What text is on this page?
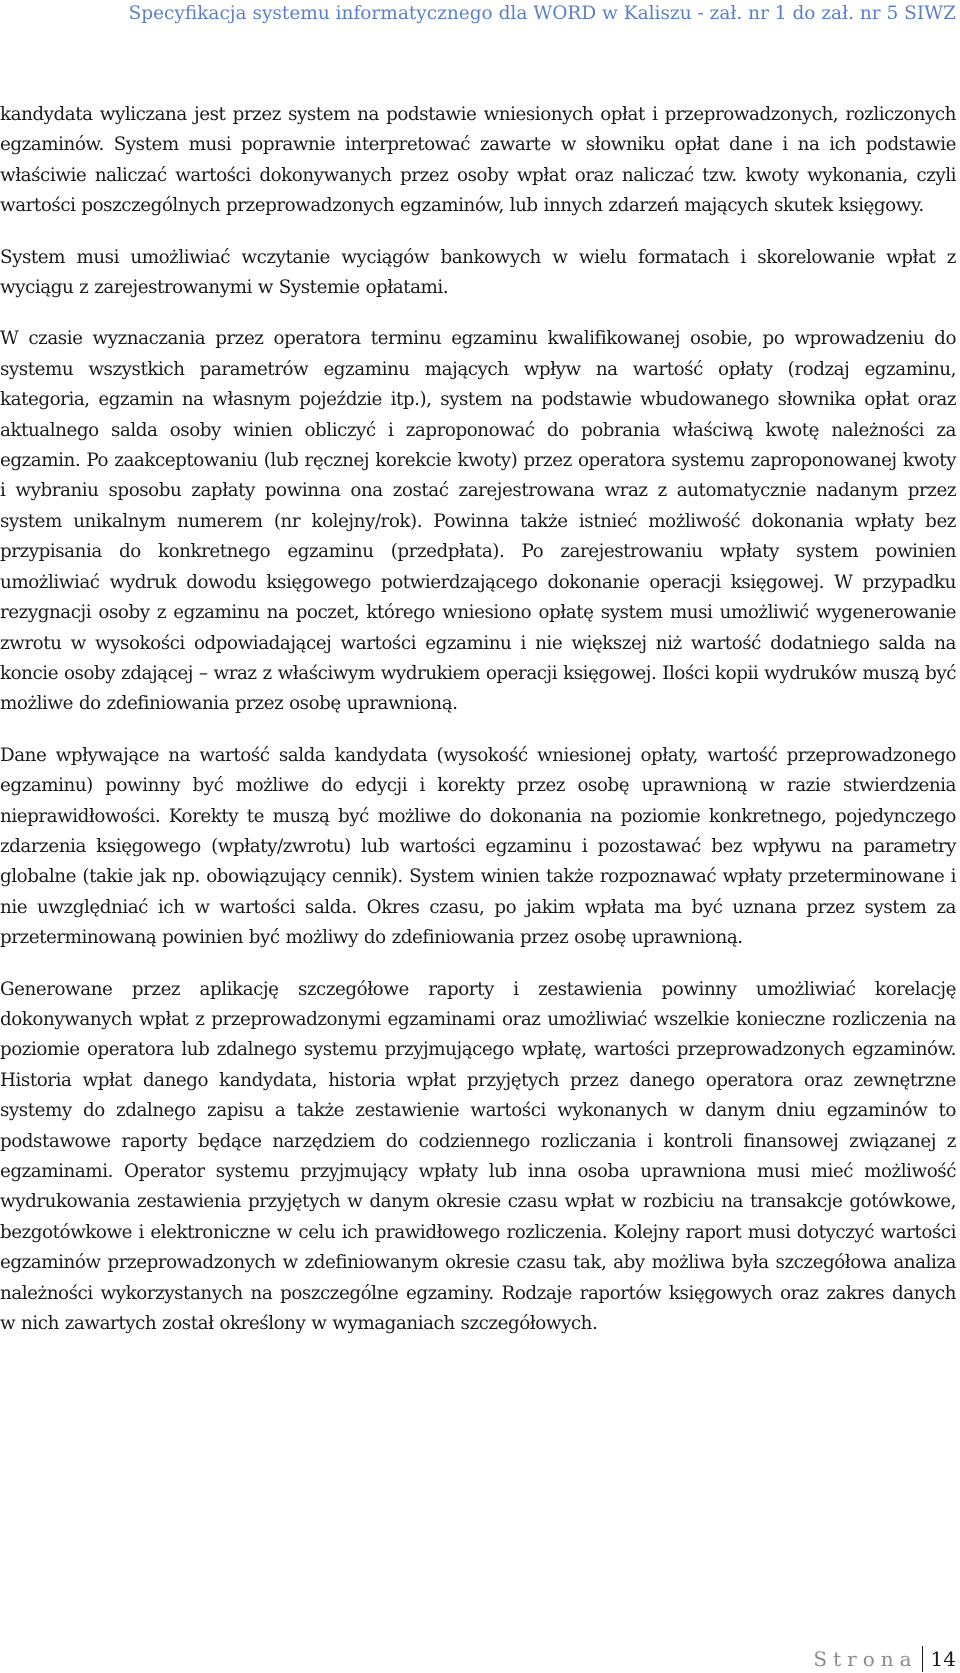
Specyfikacja systemu informatycznego dla WORD w Kaliszu - zał. nr 1 do zał. nr 5 SIWZ

kandydata wyliczana jest przez system na podstawie wniesionych opłat i przeprowadzonych, rozliczonych egzaminów. System musi poprawnie interpretować zawarte w słowniku opłat dane i na ich podstawie właściwie naliczać wartości dokonywanych przez osoby wpłat oraz naliczać tzw. kwoty wykonania, czyli wartości poszczególnych przeprowadzonych egzaminów, lub innych zdarzeń mających skutek księgowy.

System musi umożliwiać wczytanie wyciągów bankowych w wielu formatach i skorelowanie wpłat z wyciągu z zarejestrowanymi w Systemie opłatami.

W czasie wyznaczania przez operatora terminu egzaminu kwalifikowanej osobie, po wprowadzeniu do systemu wszystkich parametrów egzaminu mających wpływ na wartość opłaty (rodzaj egzaminu, kategoria, egzamin na własnym pojeździe itp.), system na podstawie wbudowanego słownika opłat oraz aktualnego salda osoby winien obliczyć i zaproponować do pobrania właściwą kwotę należności za egzamin. Po zaakceptowaniu (lub ręcznej korekcie kwoty) przez operatora systemu zaproponowanej kwoty i wybraniu sposobu zapłaty powinna ona zostać zarejestrowana wraz z automatycznie nadanym przez system unikalnym numerem (nr kolejny/rok). Powinna także istnieć możliwość dokonania wpłaty bez przypisania do konkretnego egzaminu (przedpłata). Po zarejestrowaniu wpłaty system powinien umożliwiać wydruk dowodu księgowego potwierdzającego dokonanie operacji księgowej. W przypadku rezygnacji osoby z egzaminu na poczet, którego wniesiono opłatę system musi umożliwić wygenerowanie zwrotu w wysokości odpowiadającej wartości egzaminu i nie większej niż wartość dodatniego salda na koncie osoby zdającej – wraz z właściwym wydrukiem operacji księgowej. Ilości kopii wydruków muszą być możliwe do zdefiniowania przez osobę uprawnioną.

Dane wpływające na wartość salda kandydata (wysokość wniesionej opłaty, wartość przeprowadzonego egzaminu) powinny być możliwe do edycji i korekty przez osobę uprawnioną w razie stwierdzenia nieprawidłowości. Korekty te muszą być możliwe do dokonania na poziomie konkretnego, pojedynczego zdarzenia księgowego (wpłaty/zwrotu) lub wartości egzaminu i pozostawać bez wpływu na parametry globalne (takie jak np. obowiązujący cennik). System winien także rozpoznawać wpłaty przeterminowane i nie uwzględniać ich w wartości salda. Okres czasu, po jakim wpłata ma być uznana przez system za przeterminowaną powinien być możliwy do zdefiniowania przez osobę uprawnioną.

Generowane przez aplikację szczegółowe raporty i zestawienia powinny umożliwiać korelację dokonywanych wpłat z przeprowadzonymi egzaminami oraz umożliwiać wszelkie konieczne rozliczenia na poziomie operatora lub zdalnego systemu przyjmującego wpłatę, wartości przeprowadzonych egzaminów. Historia wpłat danego kandydata, historia wpłat przyjętych przez danego operatora oraz zewnętrzne systemy do zdalnego zapisu a także zestawienie wartości wykonanych w danym dniu egzaminów to podstawowe raporty będące narzędziem do codziennego rozliczania i kontroli finansowej związanej z egzaminami. Operator systemu przyjmujący wpłaty lub inna osoba uprawniona musi mieć możliwość wydrukowania zestawienia przyjętych w danym okresie czasu wpłat w rozbiciu na transakcje gotówkowe, bezgotówkowe i elektroniczne w celu ich prawidłowego rozliczenia. Kolejny raport musi dotyczyć wartości egzaminów przeprowadzonych w zdefiniowanym okresie czasu tak, aby możliwa była szczegółowa analiza należności wykorzystanych na poszczególne egzaminy. Rodzaje raportów księgowych oraz zakres danych w nich zawartych został określony w wymaganiach szczegółowych.

Strona 14
